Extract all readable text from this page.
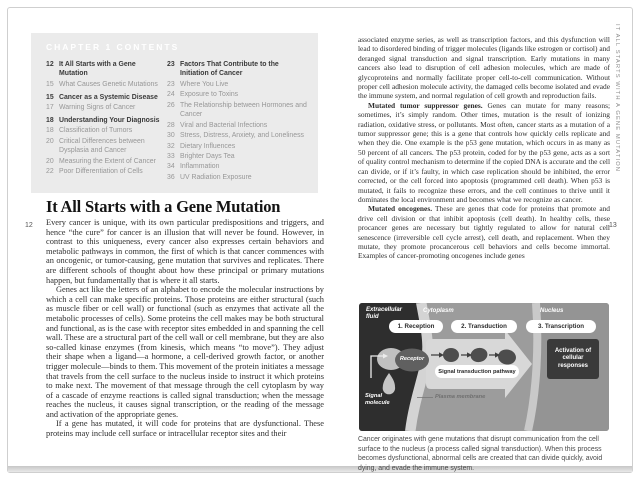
12
CHAPTER 1 CONTENTS
12 It All Starts with a Gene Mutation
15 What Causes Genetic Mutations
15 Cancer as a Systemic Disease
17 Warning Signs of Cancer
18 Understanding Your Diagnosis
18 Classification of Tumors
20 Critical Differences between Dysplasia and Cancer
20 Measuring the Extent of Cancer
22 Poor Differentiation of Cells
23 Factors That Contribute to the Initiation of Cancer
23 Where You Live
24 Exposure to Toxins
26 The Relationship between Hormones and Cancer
28 Viral and Bacterial Infections
30 Stress, Distress, Anxiety, and Loneliness
32 Dietary Influences
33 Brighter Days Tea
34 Inflammation
36 UV Radiation Exposure
It All Starts with a Gene Mutation

Every cancer is unique, with its own particular predispositions and triggers, and hence “the cure” for cancer is an illusion that will never be found. However, in contrast to this uniqueness, every cancer also expresses certain behaviors and metabolic pathways in common, the first of which is that cancer commences with an oncogenic, or tumor-causing, gene mutation that survives and replicates. There are different schools of thought about how these principal or primary mutations happen, but fundamentally that is where it all starts.

Genes act like the letters of an alphabet to encode the molecular instructions by which a cell can make specific proteins. Those proteins are either structural (such as muscle fiber or cell wall) or functional (such as enzymes that activate all the metabolic processes of cells). Some proteins the cell makes may be both structural and functional, as is the case with receptor sites embedded in and spanning the cell wall. These are a structural part of the cell wall or cell membrane, but they are also so-called kinase enzymes (from kinesis, which means “to move”). They adjust their shape when a ligand—a hormone, a cell-derived growth factor, or another trigger molecule—binds to them. This movement of the protein initiates a message that travels from the cell surface to the nucleus inside to instruct it which proteins to make next. The movement of that message through the cell cytoplasm by way of a cascade of enzyme reactions is called signal transduction; when the message reaches the nucleus, it causes signal transcription, or the reading of the message and activation of the appropriate genes.

If a gene has mutated, it will code for proteins that are dysfunctional. These proteins may include cell surface or intracellular receptor sites and their

13
IT ALL STARTS WITH A GENE MUTATION

associated enzyme series, as well as transcription factors, and this dysfunction will lead to disordered binding of trigger molecules (ligands like estrogen or cortisol) and deranged signal transduction and signal transcription. Early mutations in many cancers also lead to disruption of cell adhesion molecules, which are made of glycoproteins and normally facilitate proper cell-to-cell communication. Without proper cell adhesion molecule activity, the damaged cells become isolated and evade the immune system, and normal regulation of cell growth and reproduction fails.

Mutated tumor suppressor genes. Genes can mutate for many reasons; sometimes, it’s simply random. Other times, mutation is the result of ionizing radiation, oxidative stress, or pollutants. Most often, cancer starts as a mutation of a tumor suppressor gene; this is a gene that controls how quickly cells replicate and when they die. One example is the p53 gene mutation, which occurs in as many as 50 percent of all cancers. The p53 protein, coded for by the p53 gene, acts as a sort of quality control mechanism to determine if the copied DNA is accurate and the cell can divide, or if it’s faulty, in which case replication should be inhibited, the error corrected, or the cell forced into apoptosis (programmed cell death). When p53 is mutated, it fails to recognize these errors, and the cell continues to thrive until it dominates the local environment and becomes what we recognize as cancer.

Mutated oncogenes. These are genes that code for proteins that promote and drive cell division or that inhibit apoptosis (cell death). In healthy cells, these procancer genes are necessary but tightly regulated to allow for natural cell senescence (irreversible cell cycle arrest), cell death, and replacement. When they mutate, they promote procancerous cell behaviors and cells become immortal. Examples of cancer-promoting oncogenes include genes

Extracellular fluid
Cytoplasm	Nucleus
1. Reception	2. Transduction	3. Transcription
Receptor
Signal transduction pathway
Activation of cellular responses
Signal molecule
Plasma membrane
Cancer originates with gene mutations that disrupt communication from the cell surface to the nucleus (a process called signal transduction). When this process becomes dysfunctional, abnormal cells are created that can divide quickly, avoid dying, and evade the immune system.
